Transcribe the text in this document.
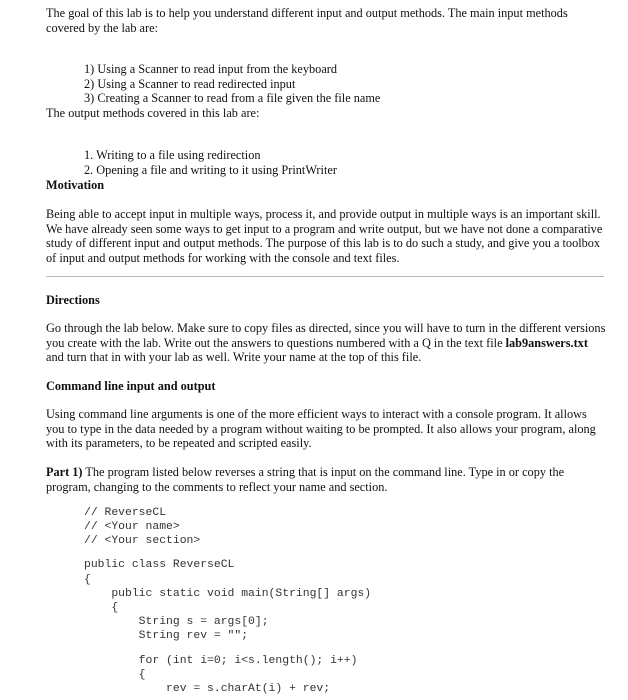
The goal of this lab is to help you understand different input and output methods. The main input methods covered by the lab are:

1) Using a Scanner to read input from the keyboard
2) Using a Scanner to read redirected input
3) Creating a Scanner to read from a file given the file name

The output methods covered in this lab are:

1. Writing to a file using redirection
2. Opening a file and writing to it using PrintWriter
Motivation

Being able to accept input in multiple ways, process it, and provide output in multiple ways is an important skill. We have already seen some ways to get input to a program and write output, but we have not done a comparative study of different input and output methods. The purpose of this lab is to do such a study, and give you a toolbox of input and output methods for working with the console and text files.

Directions

Go through the lab below. Make sure to copy files as directed, since you will have to turn in the different versions you create with the lab. Write out the answers to questions numbered with a Q in the text file lab9answers.txt and turn that in with your lab as well. Write your name at the top of this file.

Command line input and output

Using command line arguments is one of the more efficient ways to interact with a console program. It allows you to type in the data needed by a program without waiting to be prompted. It also allows your program, along with its parameters, to be repeated and scripted easily.

Part 1) The program listed below reverses a string that is input on the command line. Type in or copy the program, changing to the comments to reflect your name and section.

// ReverseCL
// <Your name>
// <Your section>
public class ReverseCL
{
public static void main(String[] args)
{
String s = args[0];
String rev = "";
for (int i=0; i<s.length(); i++)
{
rev = s.charAt(i) + rev;
